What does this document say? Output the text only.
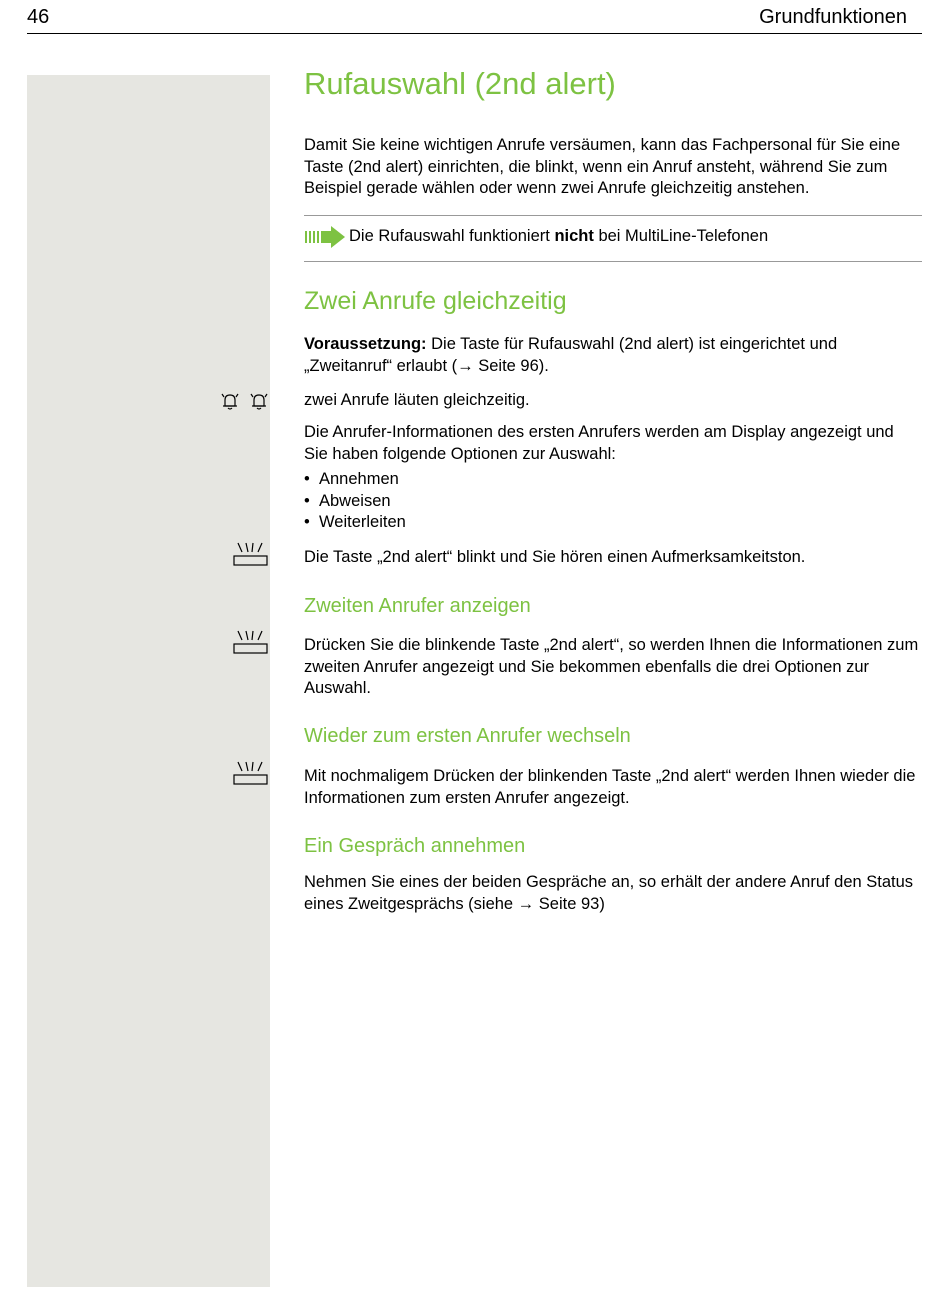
46	Grundfunktionen
Rufauswahl (2nd alert)

Damit Sie keine wichtigen Anrufe versäumen, kann das Fachpersonal für Sie eine Taste (2nd alert) einrichten, die blinkt, wenn ein Anruf ansteht, während Sie zum Beispiel gerade wählen oder wenn zwei Anrufe gleichzeitig anstehen.

Die Rufauswahl funktioniert nicht bei MultiLine-Telefonen
Zwei Anrufe gleichzeitig

Voraussetzung: Die Taste für Rufauswahl (2nd alert) ist eingerichtet und „Zweitanruf“ erlaubt (→ Seite 96).

zwei Anrufe läuten gleichzeitig.

Die Anrufer-Informationen des ersten Anrufers werden am Display angezeigt und Sie haben folgende Optionen zur Auswahl:

• Annehmen
• Abweisen
• Weiterleiten

Die Taste „2nd alert“ blinkt und Sie hören einen Aufmerksamkeitston.

Zweiten Anrufer anzeigen

Drücken Sie die blinkende Taste „2nd alert“, so werden Ihnen die Informationen zum zweiten Anrufer angezeigt und Sie bekommen ebenfalls die drei Optionen zur Auswahl.

Wieder zum ersten Anrufer wechseln

Mit nochmaligem Drücken der blinkenden Taste „2nd alert“ werden Ihnen wieder die Informationen zum ersten Anrufer angezeigt.

Ein Gespräch annehmen

Nehmen Sie eines der beiden Gespräche an, so erhält der andere Anruf den Status eines Zweitgesprächs (siehe → Seite 93)
